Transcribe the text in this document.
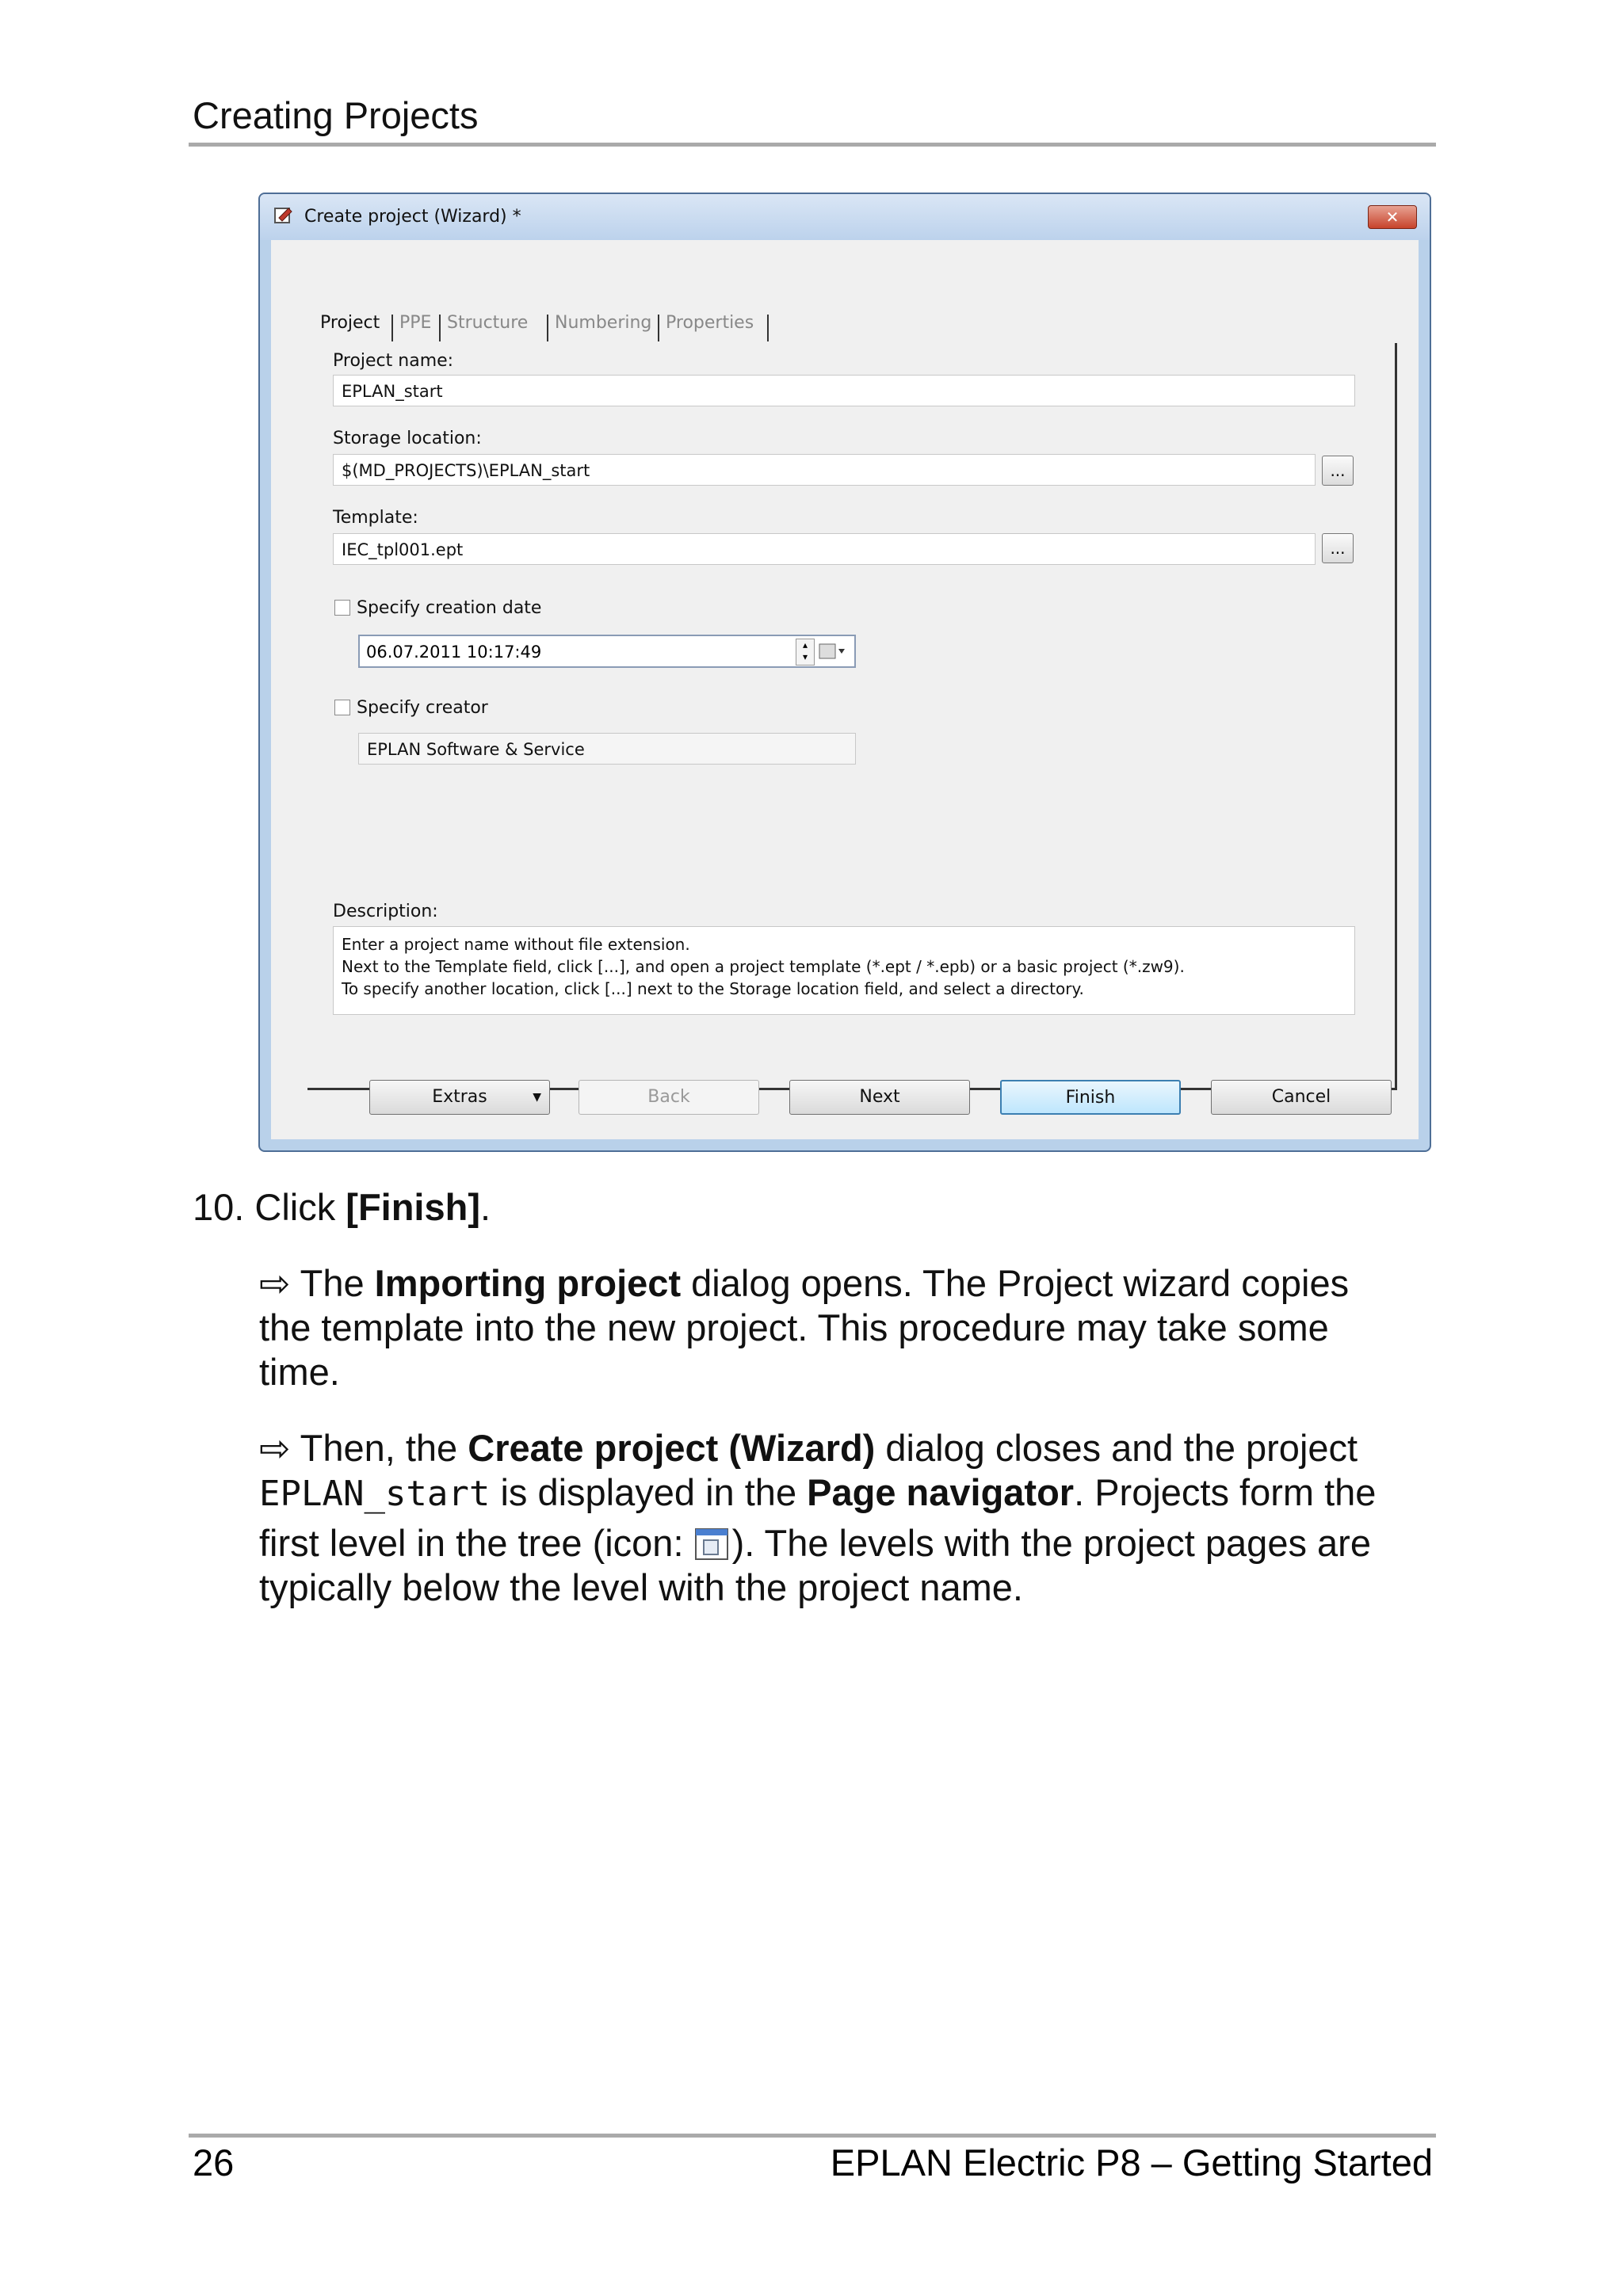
Creating Projects
Create project (Wizard) *	✕
Project PPE Structure Numbering Properties
Project name:
EPLAN_start
Storage location:
$(MD_PROJECTS)\EPLAN_start	...
Template:
IEC_tpl001.ept	...
Specify creation date
06.07.2011 10:17:49	▴
▾
Specify creator
EPLAN Software & Service
Description:
Enter a project name without file extension.
Next to the Template field, click [...], and open a project template (*.ept / *.epb) or a basic project (*.zw9).
To specify another location, click [...] next to the Storage location field, and select a directory.
Extras	▼	Back	Next	Finish	Cancel
10. Click [Finish].
⇨ The Importing project dialog opens. The Project wizard copies
the template into the new project. This procedure may take some
time.
⇨ Then, the Create project (Wizard) dialog closes and the project
EPLAN_start is displayed in the Page navigator. Projects form the
first level in the tree (icon: ). The levels with the project pages are
typically below the level with the project name.
26	EPLAN Electric P8 – Getting Started
